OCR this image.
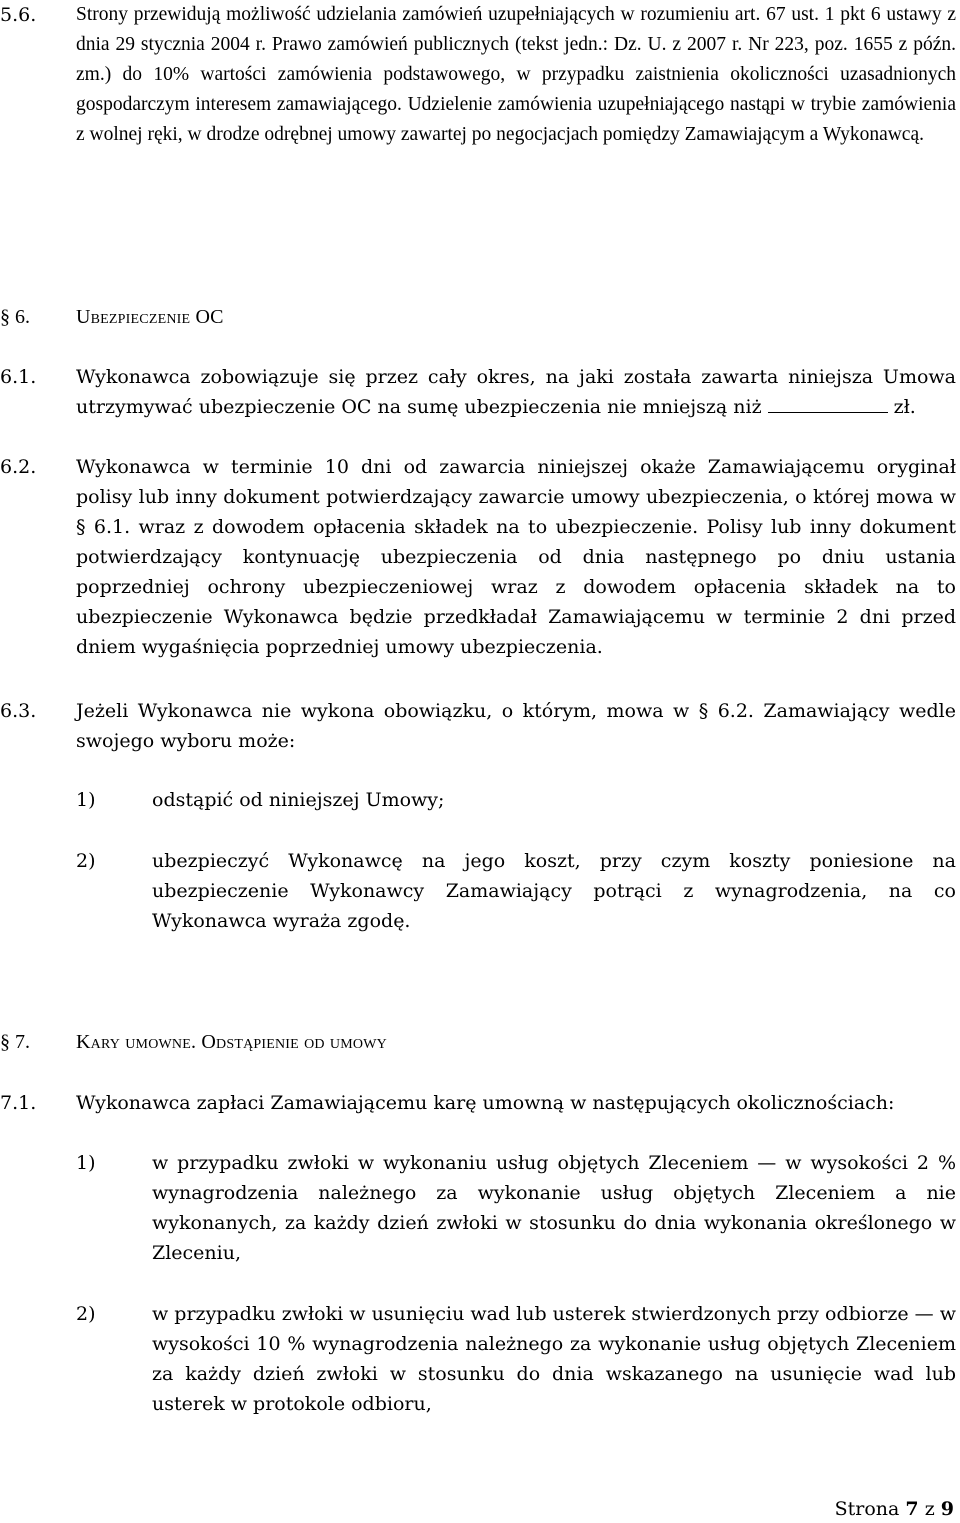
5.6.	Strony przewidują możliwość udzielania zamówień uzupełniających w rozumieniu art. 67 ust. 1 pkt 6 ustawy z dnia 29 stycznia 2004 r. Prawo zamówień publicznych (tekst jedn.: Dz. U. z 2007 r. Nr 223, poz. 1655 z późn. zm.) do 10% wartości zamówienia podstawowego, w przypadku zaistnienia okoliczności uzasadnionych gospodarczym interesem zamawiającego. Udzielenie zamówienia uzupełniającego nastąpi w trybie zamówienia z wolnej ręki, w drodze odrębnej umowy zawartej po negocjacjach pomiędzy Zamawiającym a Wykonawcą.
§ 6. Ubezpieczenie OC
6.1.	Wykonawca zobowiązuje się przez cały okres, na jaki została zawarta niniejsza Umowa utrzymywać ubezpieczenie OC na sumę ubezpieczenia nie mniejszą niż	zł.
6.2.	Wykonawca w terminie 10 dni od zawarcia niniejszej okaże Zamawiającemu oryginał polisy lub inny dokument potwierdzający zawarcie umowy ubezpieczenia, o której mowa w § 6.1. wraz z dowodem opłacenia składek na to ubezpieczenie. Polisy lub inny dokument potwierdzający kontynuację ubezpieczenia od dnia następnego po dniu ustania poprzedniej ochrony ubezpieczeniowej wraz z dowodem opłacenia składek na to ubezpieczenie Wykonawca będzie przedkładał Zamawiającemu w terminie 2 dni przed dniem wygaśnięcia poprzedniej umowy ubezpieczenia.
6.3.	Jeżeli Wykonawca nie wykona obowiązku, o którym, mowa w § 6.2. Zamawiający wedle swojego wyboru może:
1)	odstąpić od niniejszej Umowy;
2)	ubezpieczyć Wykonawcę na jego koszt, przy czym koszty poniesione na ubezpieczenie Wykonawcy Zamawiający potrąci z wynagrodzenia, na co Wykonawca wyraża zgodę.
§ 7. Kary umowne. Odstąpienie od umowy
7.1.	Wykonawca zapłaci Zamawiającemu karę umowną w następujących okolicznościach:
1)	w przypadku zwłoki w wykonaniu usług objętych Zleceniem — w wysokości 2 % wynagrodzenia należnego za wykonanie usług objętych Zleceniem a nie wykonanych, za każdy dzień zwłoki w stosunku do dnia wykonania określonego w Zleceniu,
2)	w przypadku zwłoki w usunięciu wad lub usterek stwierdzonych przy odbiorze — w wysokości 10 % wynagrodzenia należnego za wykonanie usług objętych Zleceniem za każdy dzień zwłoki w stosunku do dnia wskazanego na usunięcie wad lub usterek w protokole odbioru,
Strona 7 z 9
